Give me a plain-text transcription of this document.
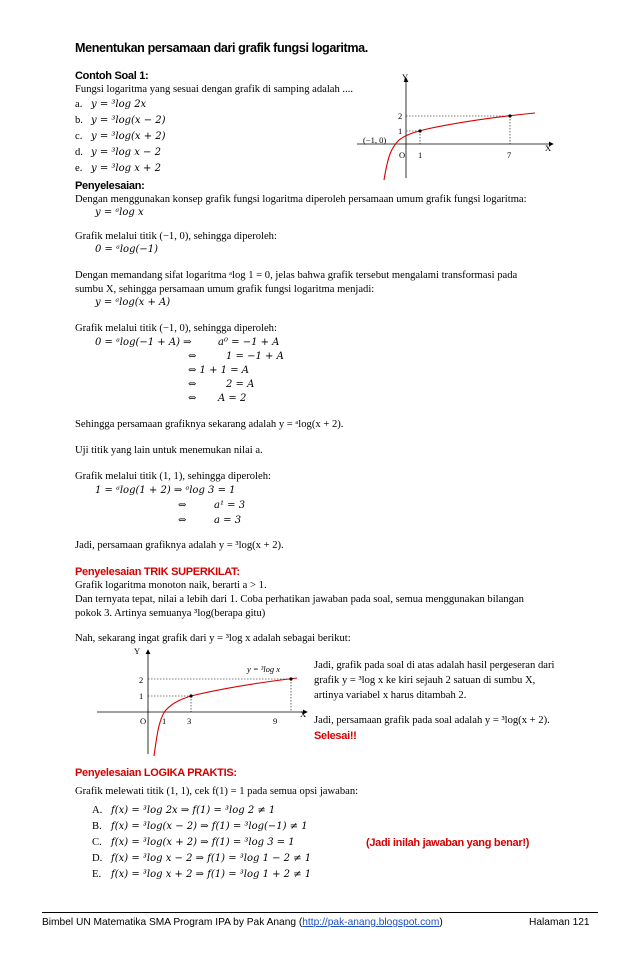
Menentukan persamaan dari grafik fungsi logaritma.
Contoh Soal 1:
Fungsi logaritma yang sesuai dengan grafik di samping adalah ....
a. y = ³log 2x
b. y = ³log(x − 2)
c. y = ³log(x + 2)
d. y = ³log x − 2
e. y = ³log x + 2
Y
X
O
2
1
1	7
(−1, 0)
Penyelesaian:
Dengan menggunakan konsep grafik fungsi logaritma diperoleh persamaan umum grafik fungsi logaritma:
y = ᵃlog x
Grafik melalui titik (−1, 0), sehingga diperoleh:
0 = ᵃlog(−1)
Dengan memandang sifat logaritma ᵃlog 1 = 0, jelas bahwa grafik tersebut mengalami transformasi pada
sumbu X, sehingga persamaan umum grafik fungsi logaritma menjadi:
y = ᵃlog(x + A)
Grafik melalui titik (−1, 0), sehingga diperoleh:
0 = ᵃlog(−1 + A) ⇒	a⁰ = −1 + A
⇔	1 = −1 + A
⇔ 1 + 1 = A
⇔	2 = A
⇔ A = 2
Sehingga persamaan grafiknya sekarang adalah y = ᵃlog(x + 2).
Uji titik yang lain untuk menemukan nilai a.
Grafik melalui titik (1, 1), sehingga diperoleh:
1 = ᵃlog(1 + 2) ⇒ ᵃlog 3 = 1
⇔	a¹ = 3
⇔	a = 3
Jadi, persamaan grafiknya adalah y = ³log(x + 2).
Penyelesaian TRIK SUPERKILAT:
Grafik logaritma monoton naik, berarti a > 1.
Dan ternyata tepat, nilai a lebih dari 1. Coba perhatikan jawaban pada soal, semua menggunakan bilangan
pokok 3. Artinya semuanya ³log(berapa gitu)
Nah, sekarang ingat grafik dari y = ³log x adalah sebagai berikut:
Y
X
O
2
1
1 3	9
y = ³log x	Jadi, grafik pada soal di atas adalah hasil pergeseran dari
grafik y = ³log x ke kiri sejauh 2 satuan di sumbu X,
artinya variabel x harus ditambah 2.
Jadi, persamaan grafik pada soal adalah y = ³log(x + 2).
Selesai!!
Penyelesaian LOGIKA PRAKTIS:
Grafik melewati titik (1, 1), cek f(1) = 1 pada semua opsi jawaban:
A. f(x) = ³log 2x ⇒ f(1) = ³log 2 ≠ 1
B. f(x) = ³log(x − 2) ⇒ f(1) = ³log(−1) ≠ 1
C. f(x) = ³log(x + 2) ⇒ f(1) = ³log 3 = 1	(Jadi inilah jawaban yang benar!)
D. f(x) = ³log x − 2 ⇒ f(1) = ³log 1 − 2 ≠ 1
E. f(x) = ³log x + 2 ⇒ f(1) = ³log 1 + 2 ≠ 1
Bimbel UN Matematika SMA Program IPA by Pak Anang (http://pak-anang.blogspot.com)	Halaman 121
